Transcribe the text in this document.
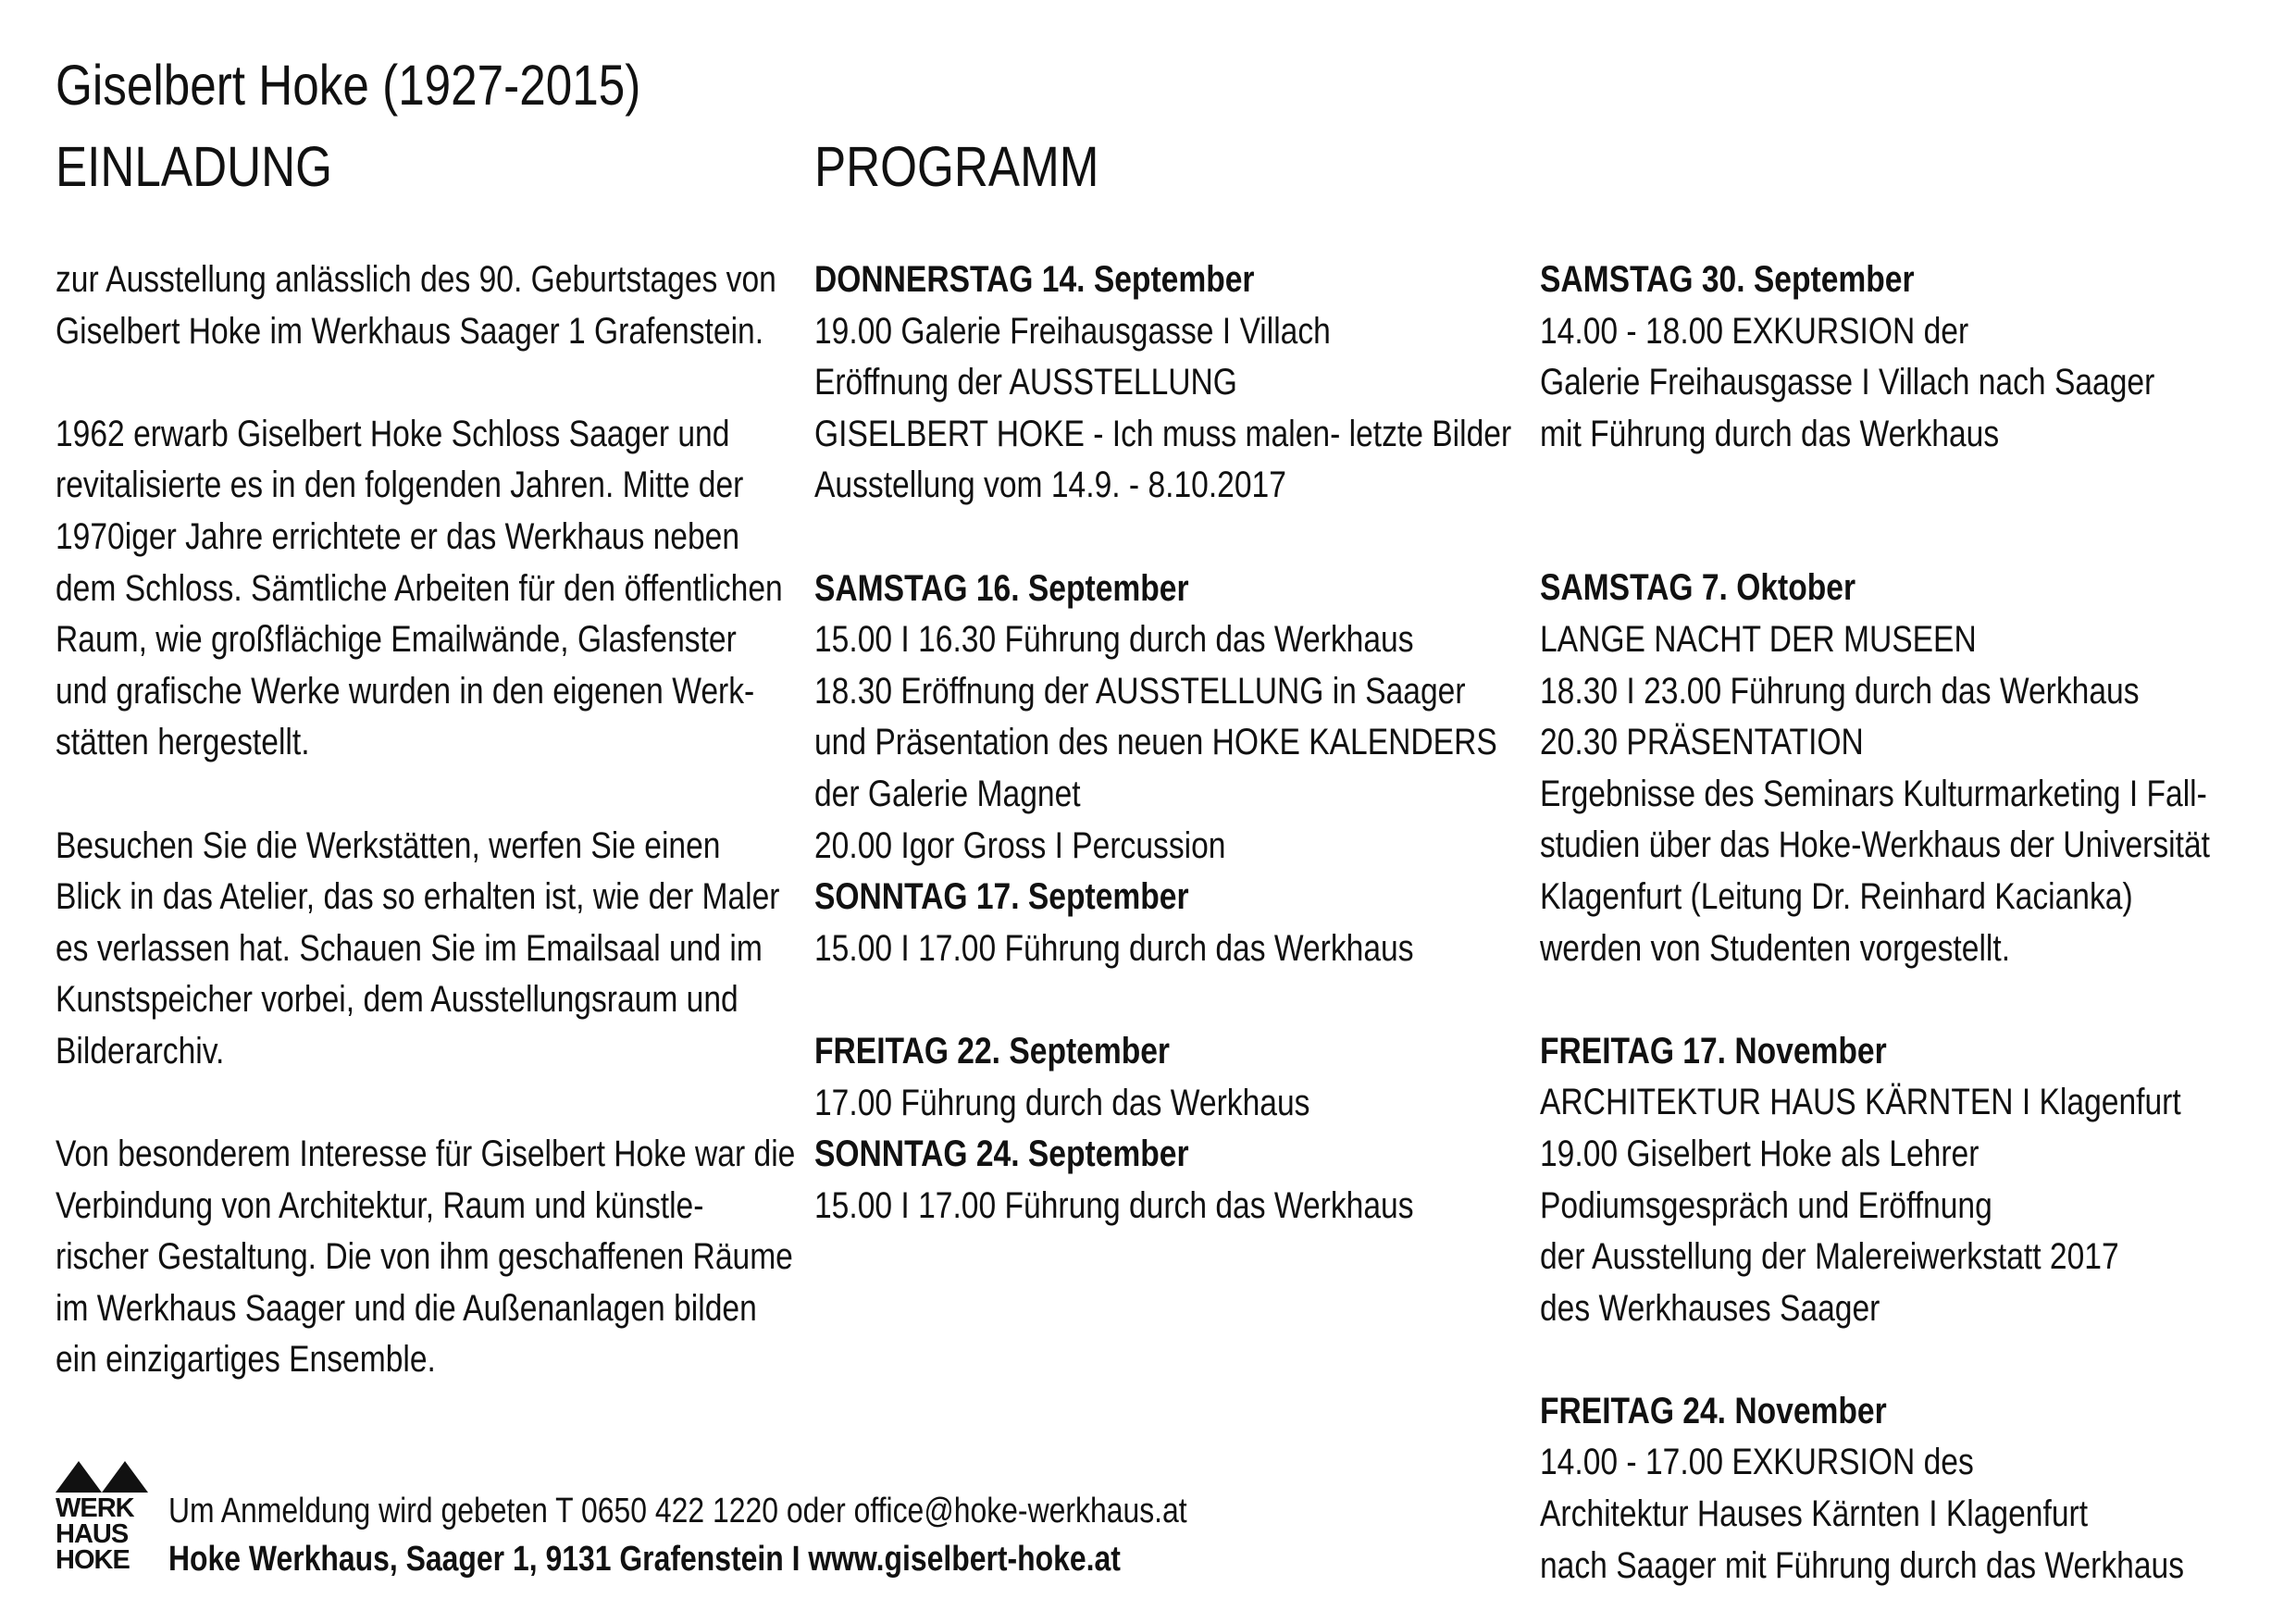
Giselbert Hoke (1927-2015)
EINLADUNG	PROGRAMM
zur Ausstellung anlässlich des 90. Geburtstages von
Giselbert Hoke im Werkhaus Saager 1 Grafenstein.
1962 erwarb Giselbert Hoke Schloss Saager und
revitalisierte es in den folgenden Jahren. Mitte der
1970iger Jahre errichtete er das Werkhaus neben
dem Schloss. Sämtliche Arbeiten für den öffentlichen
Raum, wie großflächige Emailwände, Glasfenster
und grafische Werke wurden in den eigenen Werk-
stätten hergestellt.
Besuchen Sie die Werkstätten, werfen Sie einen
Blick in das Atelier, das so erhalten ist, wie der Maler
es verlassen hat. Schauen Sie im Emailsaal und im
Kunstspeicher vorbei, dem Ausstellungsraum und
Bilderarchiv.
Von besonderem Interesse für Giselbert Hoke war die
Verbindung von Architektur, Raum und künstle-
rischer Gestaltung. Die von ihm geschaffenen Räume
im Werkhaus Saager und die Außenanlagen bilden
ein einzigartiges Ensemble.
DONNERSTAG 14. September
19.00 Galerie Freihausgasse I Villach
Eröffnung der AUSSTELLUNG
GISELBERT HOKE - Ich muss malen- letzte Bilder
Ausstellung vom 14.9. - 8.10.2017
SAMSTAG 16. September
15.00 I 16.30 Führung durch das Werkhaus
18.30 Eröffnung der AUSSTELLUNG in Saager
und Präsentation des neuen HOKE KALENDERS
der Galerie Magnet
20.00 Igor Gross I Percussion
SONNTAG 17. September
15.00 I 17.00 Führung durch das Werkhaus
FREITAG 22. September
17.00 Führung durch das Werkhaus
SONNTAG 24. September
15.00 I 17.00 Führung durch das Werkhaus
SAMSTAG 30. September
14.00 - 18.00 EXKURSION der
Galerie Freihausgasse I Villach nach Saager
mit Führung durch das Werkhaus
SAMSTAG 7. Oktober
LANGE NACHT DER MUSEEN
18.30 I 23.00 Führung durch das Werkhaus
20.30 PRÄSENTATION
Ergebnisse des Seminars Kulturmarketing I Fall-
studien über das Hoke-Werkhaus der Universität
Klagenfurt (Leitung Dr. Reinhard Kacianka)
werden von Studenten vorgestellt.
FREITAG 17. November
ARCHITEKTUR HAUS KÄRNTEN I Klagenfurt
19.00 Giselbert Hoke als Lehrer
Podiumsgespräch und Eröffnung
der Ausstellung der Malereiwerkstatt 2017
des Werkhauses Saager
FREITAG 24. November
14.00 - 17.00 EXKURSION des
Architektur Hauses Kärnten I Klagenfurt
nach Saager mit Führung durch das Werkhaus
WERK
HAUS
HOKE
Um Anmeldung wird gebeten T 0650 422 1220 oder office@hoke-werkhaus.at
Hoke Werkhaus, Saager 1, 9131 Grafenstein I www.giselbert-hoke.at
